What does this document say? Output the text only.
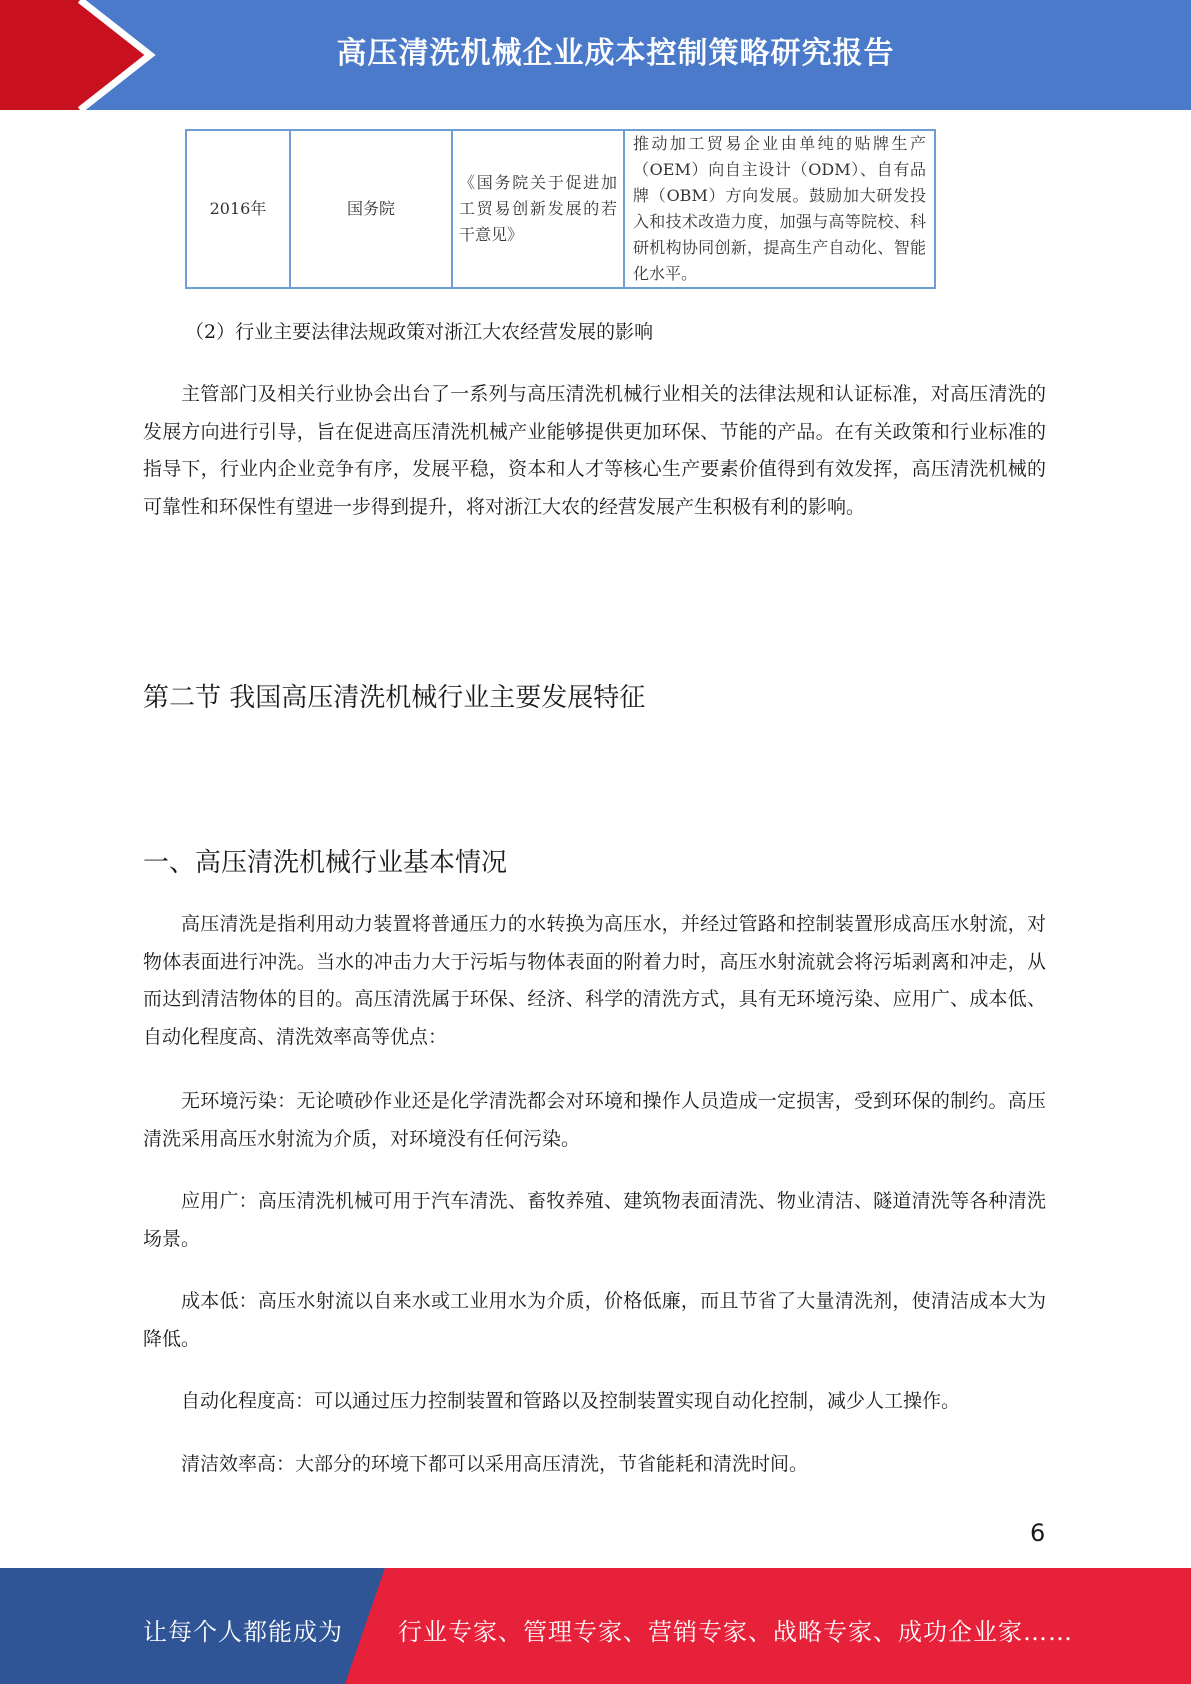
高压清洗机械企业成本控制策略研究报告
2016年	国务院	《国务院关于促进加工贸易创新发展的若干意见》	推动加工贸易企业由单纯的贴牌生产（OEM）向自主设计（ODM）、自有品牌（OBM）方向发展。鼓励加大研发投入和技术改造力度，加强与高等院校、科研机构协同创新，提高生产自动化、智能化水平。

（2）行业主要法律法规政策对浙江大农经营发展的影响

主管部门及相关行业协会出台了一系列与高压清洗机械行业相关的法律法规和认证标准，对高压清洗的发展方向进行引导，旨在促进高压清洗机械产业能够提供更加环保、节能的产品。在有关政策和行业标准的指导下，行业内企业竞争有序，发展平稳，资本和人才等核心生产要素价值得到有效发挥，高压清洗机械的可靠性和环保性有望进一步得到提升，将对浙江大农的经营发展产生积极有利的影响。

第二节 我国高压清洗机械行业主要发展特征
一、高压清洗机械行业基本情况

高压清洗是指利用动力装置将普通压力的水转换为高压水，并经过管路和控制装置形成高压水射流，对物体表面进行冲洗。当水的冲击力大于污垢与物体表面的附着力时，高压水射流就会将污垢剥离和冲走，从而达到清洁物体的目的。高压清洗属于环保、经济、科学的清洗方式，具有无环境污染、应用广、成本低、自动化程度高、清洗效率高等优点：

无环境污染：无论喷砂作业还是化学清洗都会对环境和操作人员造成一定损害，受到环保的制约。高压清洗采用高压水射流为介质，对环境没有任何污染。

应用广：高压清洗机械可用于汽车清洗、畜牧养殖、建筑物表面清洗、物业清洁、隧道清洗等各种清洗场景。

成本低：高压水射流以自来水或工业用水为介质，价格低廉，而且节省了大量清洗剂，使清洁成本大为降低。

自动化程度高：可以通过压力控制装置和管路以及控制装置实现自动化控制，减少人工操作。

清洁效率高：大部分的环境下都可以采用高压清洗，节省能耗和清洗时间。

6
让每个人都能成为 行业专家、管理专家、营销专家、战略专家、成功企业家……
